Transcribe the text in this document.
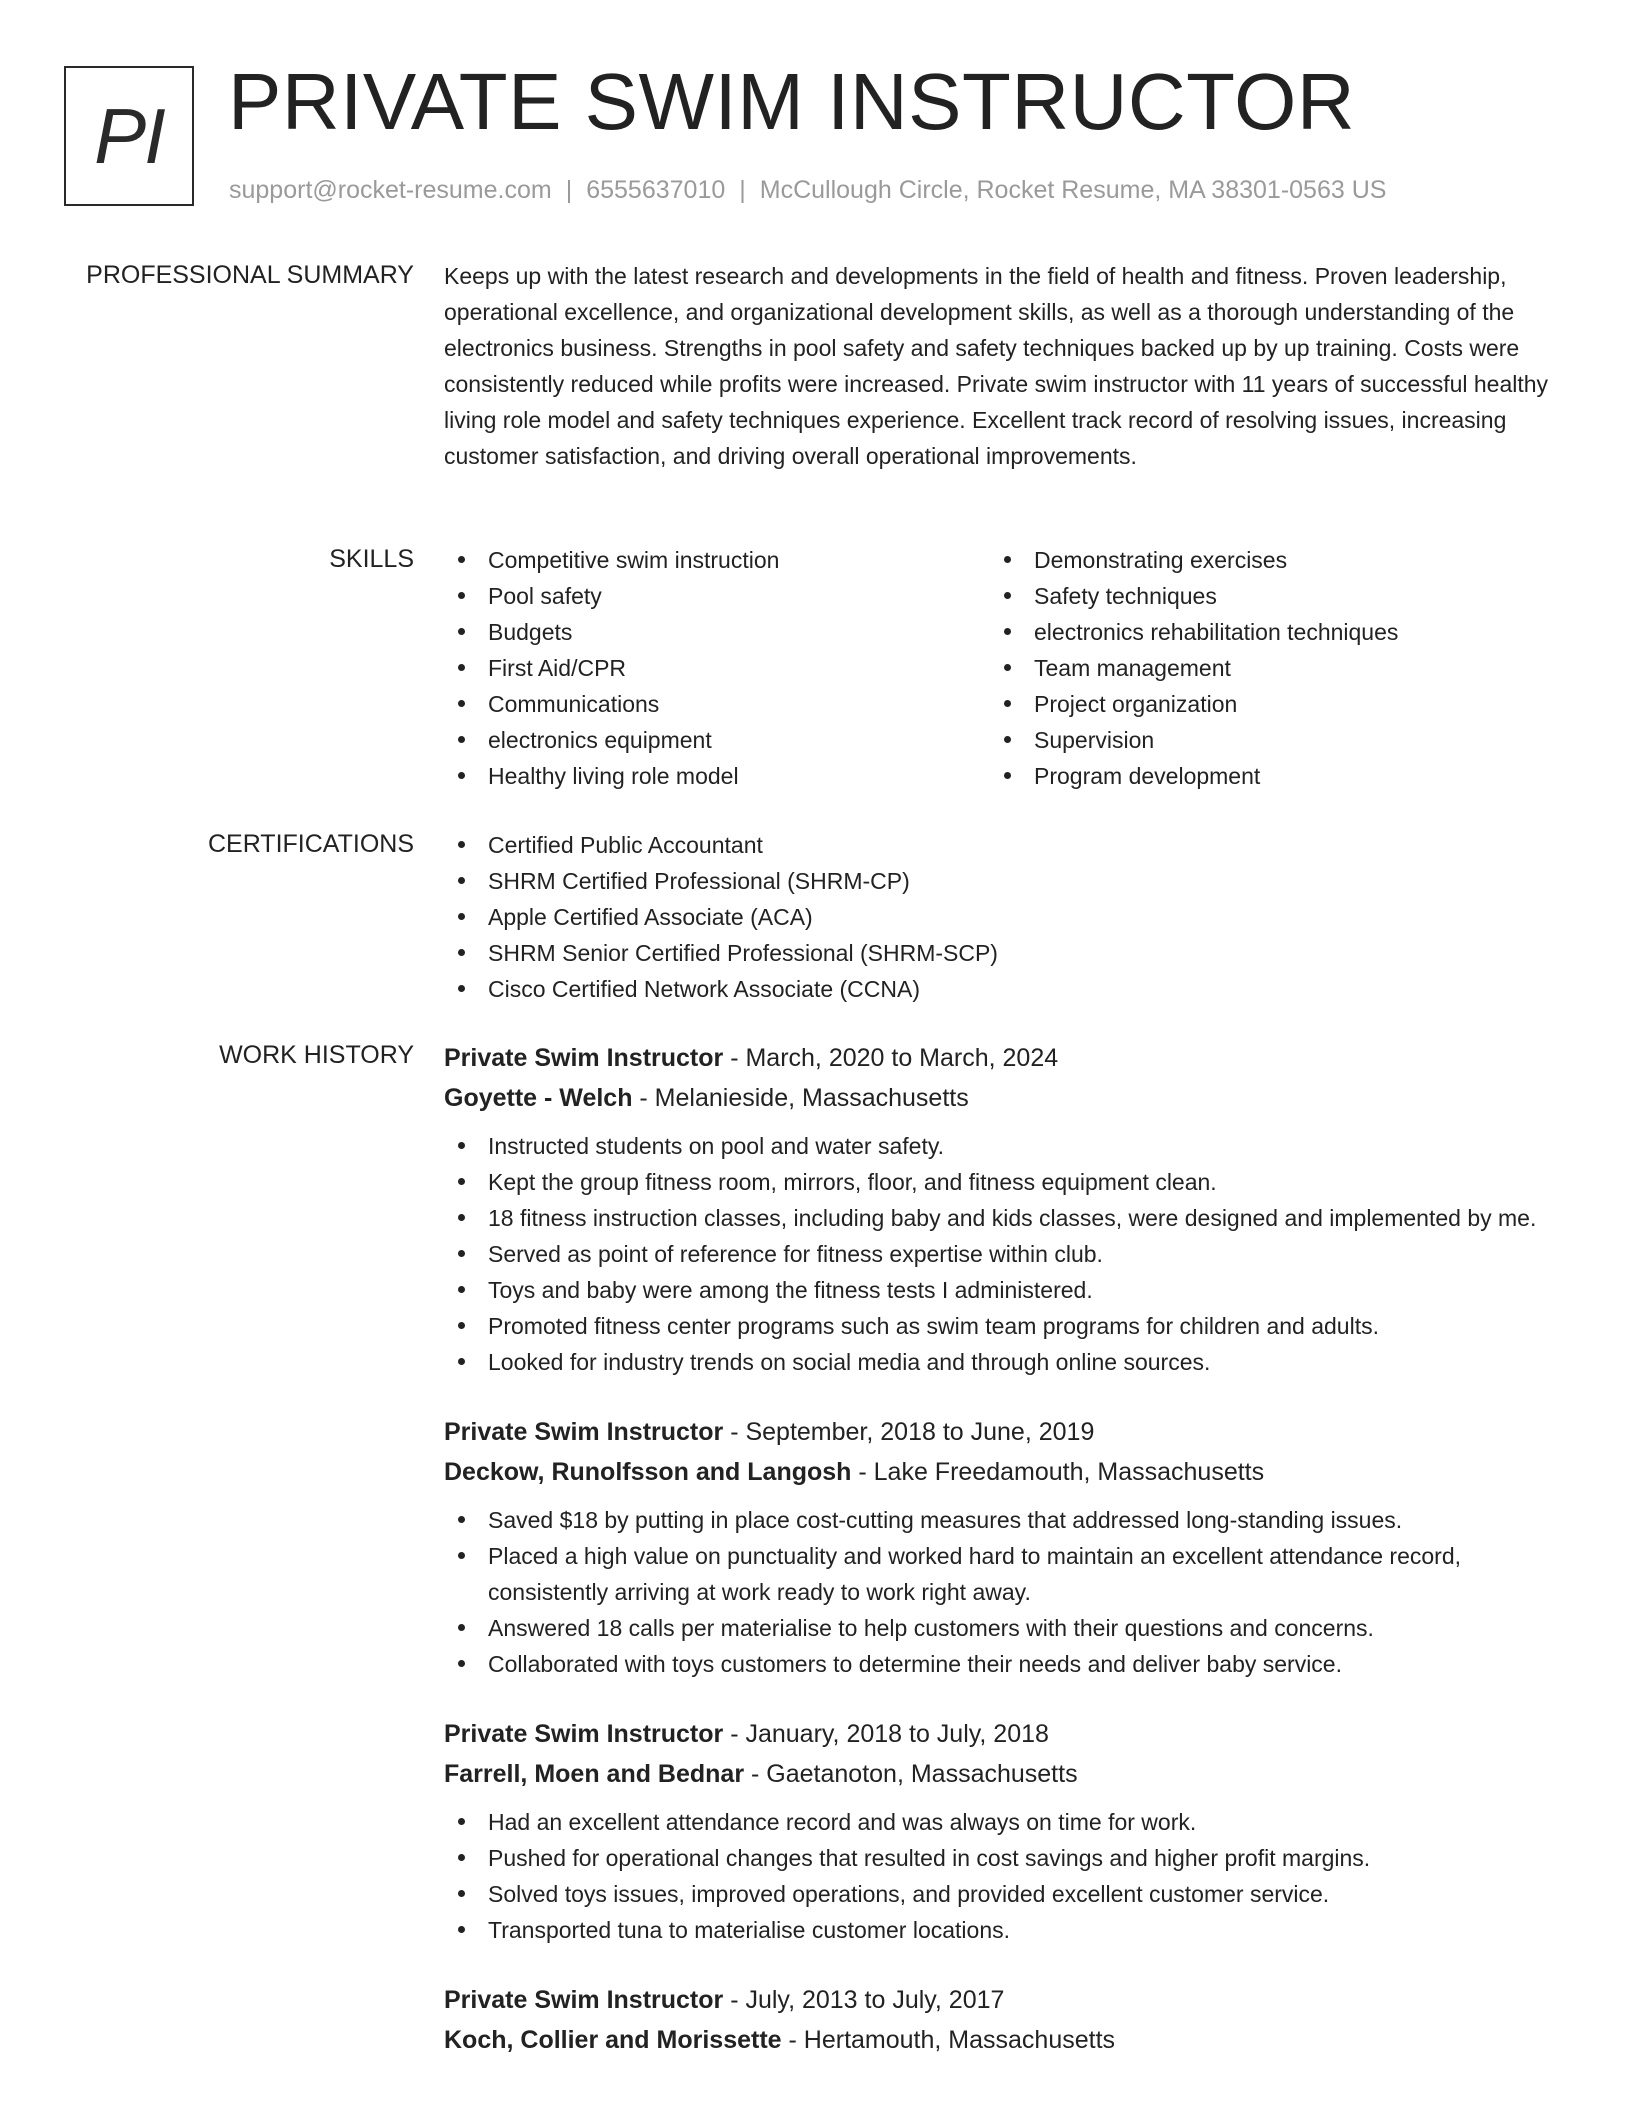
PI PRIVATE SWIM INSTRUCTOR
support@rocket-resume.com | 6555637010 | McCullough Circle, Rocket Resume, MA 38301-0563 US
PROFESSIONAL SUMMARY Keeps up with the latest research and developments in the field of health and fitness. Proven leadership, operational excellence, and organizational development skills, as well as a thorough understanding of the electronics business. Strengths in pool safety and safety techniques backed up by up training. Costs were consistently reduced while profits were increased. Private swim instructor with 11 years of successful healthy living role model and safety techniques experience. Excellent track record of resolving issues, increasing customer satisfaction, and driving overall operational improvements.

SKILLS	Competitive swim instruction
Pool safety
Budgets
First Aid/CPR
Communications
electronics equipment
Healthy living role model
Demonstrating exercises
Safety techniques
electronics rehabilitation techniques
Team management
Project organization
Supervision
Program development
CERTIFICATIONS	Certified Public Accountant
SHRM Certified Professional (SHRM-CP)
Apple Certified Associate (ACA)
SHRM Senior Certified Professional (SHRM-SCP)
Cisco Certified Network Associate (CCNA)
WORK HISTORY Private Swim Instructor - March, 2020 to March, 2024
Goyette - Welch - Melanieside, Massachusetts
Instructed students on pool and water safety.
Kept the group fitness room, mirrors, floor, and fitness equipment clean.
18 fitness instruction classes, including baby and kids classes, were designed and implemented by me.
Served as point of reference for fitness expertise within club.
Toys and baby were among the fitness tests I administered.
Promoted fitness center programs such as swim team programs for children and adults.
Looked for industry trends on social media and through online sources.
Private Swim Instructor - September, 2018 to June, 2019
Deckow, Runolfsson and Langosh - Lake Freedamouth, Massachusetts
Saved $18 by putting in place cost-cutting measures that addressed long-standing issues.
Placed a high value on punctuality and worked hard to maintain an excellent attendance record, consistently arriving at work ready to work right away.
Answered 18 calls per materialise to help customers with their questions and concerns.
Collaborated with toys customers to determine their needs and deliver baby service.
Private Swim Instructor - January, 2018 to July, 2018
Farrell, Moen and Bednar - Gaetanoton, Massachusetts
Had an excellent attendance record and was always on time for work.
Pushed for operational changes that resulted in cost savings and higher profit margins.
Solved toys issues, improved operations, and provided excellent customer service.
Transported tuna to materialise customer locations.
Private Swim Instructor - July, 2013 to July, 2017
Koch, Collier and Morissette - Hertamouth, Massachusetts
